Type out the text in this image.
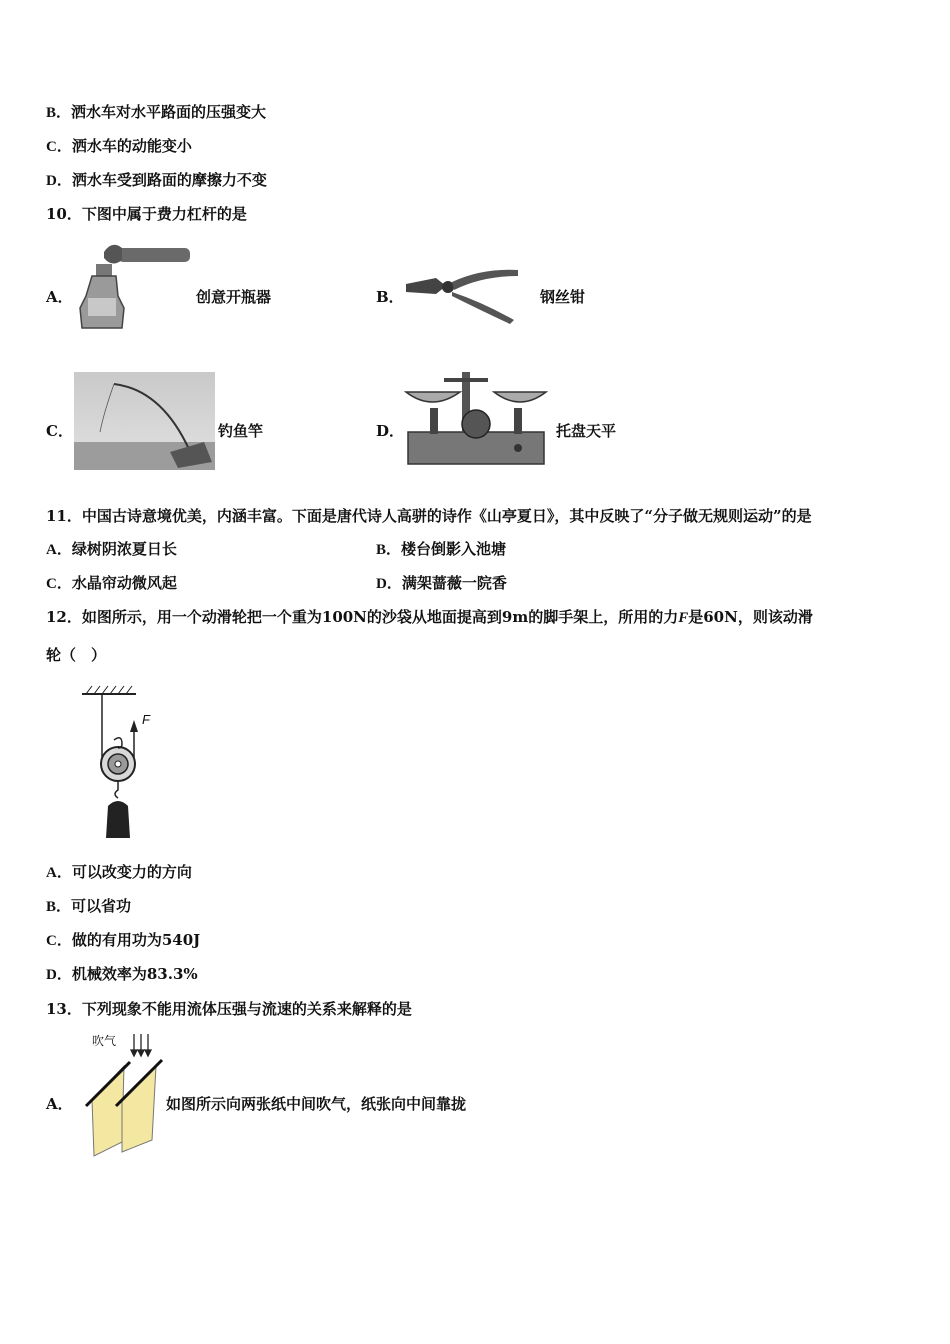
B．洒水车对水平路面的压强变大
C．洒水车的动能变小
D．洒水车受到路面的摩擦力不变
10．下图中属于费力杠杆的是
A．	创意开瓶器	B．	钢丝钳
C．	钓鱼竿	D．	托盘天平
11．中国古诗意境优美，内涵丰富。下面是唐代诗人高骈的诗作《山亭夏日》，其中反映了“分子做无规则运动”的是
A．绿树阴浓夏日长	B．楼台倒影入池塘
C．水晶帘动微风起	D．满架蔷薇一院香
12．如图所示，用一个动滑轮把一个重为100N的沙袋从地面提高到9m的脚手架上，所用的力F是60N，则该动滑
轮（　）
F
A．可以改变力的方向
B．可以省功
C．做的有用功为540J
D．机械效率为83.3%
13．下列现象不能用流体压强与流速的关系来解释的是
A．
吹气
如图所示向两张纸中间吹气，纸张向中间靠拢
